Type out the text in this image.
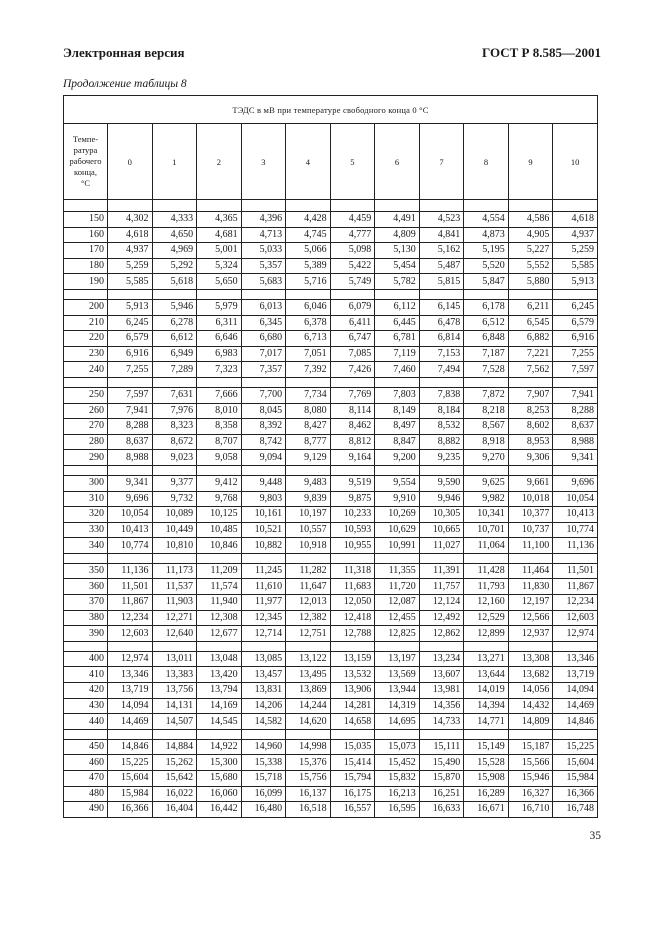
Электронная версия	ГОСТ Р 8.585—2001
Продолжение таблицы 8
ТЭДС в мВ при температуре свободного конца 0 °С											

Темпе-
ратура
рабочего
конца,
°С	0	1	2	3	4	5	6	7	8	9	10

150	4,302	4,333	4,365	4,396	4,428	4,459	4,491	4,523	4,554	4,586	4,618
160	4,618	4,650	4,681	4,713	4,745	4,777	4,809	4,841	4,873	4,905	4,937
170	4,937	4,969	5,001	5,033	5,066	5,098	5,130	5,162	5,195	5,227	5,259
180	5,259	5,292	5,324	5,357	5,389	5,422	5,454	5,487	5,520	5,552	5,585
190	5,585	5,618	5,650	5,683	5,716	5,749	5,782	5,815	5,847	5,880	5,913

200	5,913	5,946	5,979	6,013	6,046	6,079	6,112	6,145	6,178	6,211	6,245
210	6,245	6,278	6,311	6,345	6,378	6,411	6,445	6,478	6,512	6,545	6,579
220	6,579	6,612	6,646	6,680	6,713	6,747	6,781	6,814	6,848	6,882	6,916
230	6,916	6,949	6,983	7,017	7,051	7,085	7,119	7,153	7,187	7,221	7,255
240	7,255	7,289	7,323	7,357	7,392	7,426	7,460	7,494	7,528	7,562	7,597

250	7,597	7,631	7,666	7,700	7,734	7,769	7,803	7,838	7,872	7,907	7,941
260	7,941	7,976	8,010	8,045	8,080	8,114	8,149	8,184	8,218	8,253	8,288
270	8,288	8,323	8,358	8,392	8,427	8,462	8,497	8,532	8,567	8,602	8,637
280	8,637	8,672	8,707	8,742	8,777	8,812	8,847	8,882	8,918	8,953	8,988
290	8,988	9,023	9,058	9,094	9,129	9,164	9,200	9,235	9,270	9,306	9,341

300	9,341	9,377	9,412	9,448	9,483	9,519	9,554	9,590	9,625	9,661	9,696
310	9,696	9,732	9,768	9,803	9,839	9,875	9,910	9,946	9,982	10,018	10,054
320	10,054	10,089	10,125	10,161	10,197	10,233	10,269	10,305	10,341	10,377	10,413
330	10,413	10,449	10,485	10,521	10,557	10,593	10,629	10,665	10,701	10,737	10,774
340	10,774	10,810	10,846	10,882	10,918	10,955	10,991	11,027	11,064	11,100	11,136

350	11,136	11,173	11,209	11,245	11,282	11,318	11,355	11,391	11,428	11,464	11,501
360	11,501	11,537	11,574	11,610	11,647	11,683	11,720	11,757	11,793	11,830	11,867
370	11,867	11,903	11,940	11,977	12,013	12,050	12,087	12,124	12,160	12,197	12,234
380	12,234	12,271	12,308	12,345	12,382	12,418	12,455	12,492	12,529	12,566	12,603
390	12,603	12,640	12,677	12,714	12,751	12,788	12,825	12,862	12,899	12,937	12,974

400	12,974	13,011	13,048	13,085	13,122	13,159	13,197	13,234	13,271	13,308	13,346
410	13,346	13,383	13,420	13,457	13,495	13,532	13,569	13,607	13,644	13,682	13,719
420	13,719	13,756	13,794	13,831	13,869	13,906	13,944	13,981	14,019	14,056	14,094
430	14,094	14,131	14,169	14,206	14,244	14,281	14,319	14,356	14,394	14,432	14,469
440	14,469	14,507	14,545	14,582	14,620	14,658	14,695	14,733	14,771	14,809	14,846

450	14,846	14,884	14,922	14,960	14,998	15,035	15,073	15,111	15,149	15,187	15,225
460	15,225	15,262	15,300	15,338	15,376	15,414	15,452	15,490	15,528	15,566	15,604
470	15,604	15,642	15,680	15,718	15,756	15,794	15,832	15,870	15,908	15,946	15,984
480	15,984	16,022	16,060	16,099	16,137	16,175	16,213	16,251	16,289	16,327	16,366
490	16,366	16,404	16,442	16,480	16,518	16,557	16,595	16,633	16,671	16,710	16,748
35
